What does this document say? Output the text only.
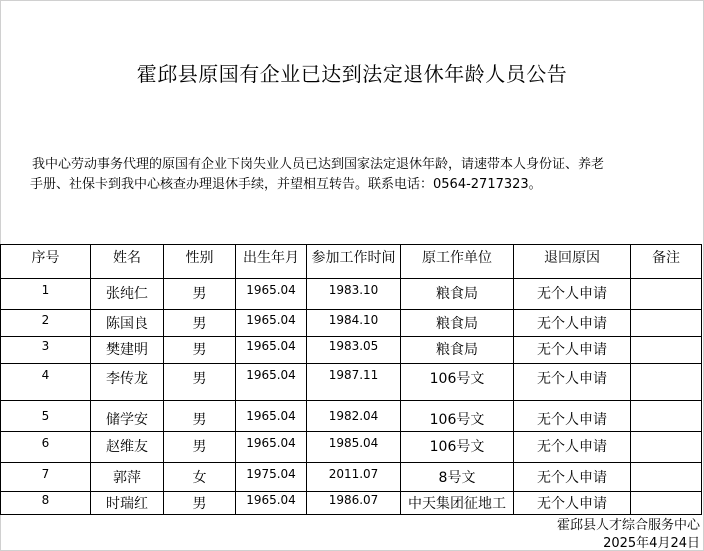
霍邱县原国有企业已达到法定退休年龄人员公告
我中心劳动事务代理的原国有企业下岗失业人员已达到国家法定退休年龄，请速带本人身份证、养老
手册、社保卡到我中心核查办理退休手续，并望相互转告。联系电话：0564-2717323。
序号	姓名	性别	出生年月	参加工作时间	原工作单位	退回原因	备注
1	张纯仁	男	1965.04	1983.10	粮食局	无个人申请	
2	陈国良	男	1965.04	1984.10	粮食局	无个人申请	
3	樊建明	男	1965.04	1983.05	粮食局	无个人申请	
4	李传龙	男	1965.04	1987.11	106号文	无个人申请	
5	储学安	男	1965.04	1982.04	106号文	无个人申请	
6	赵维友	男	1965.04	1985.04	106号文	无个人申请	
7	郭萍	女	1975.04	2011.07	8号文	无个人申请	
8	时瑞红	男	1965.04	1986.07	中天集团征地工	无个人申请	
霍邱县人才综合服务中心
2025年4月24日
